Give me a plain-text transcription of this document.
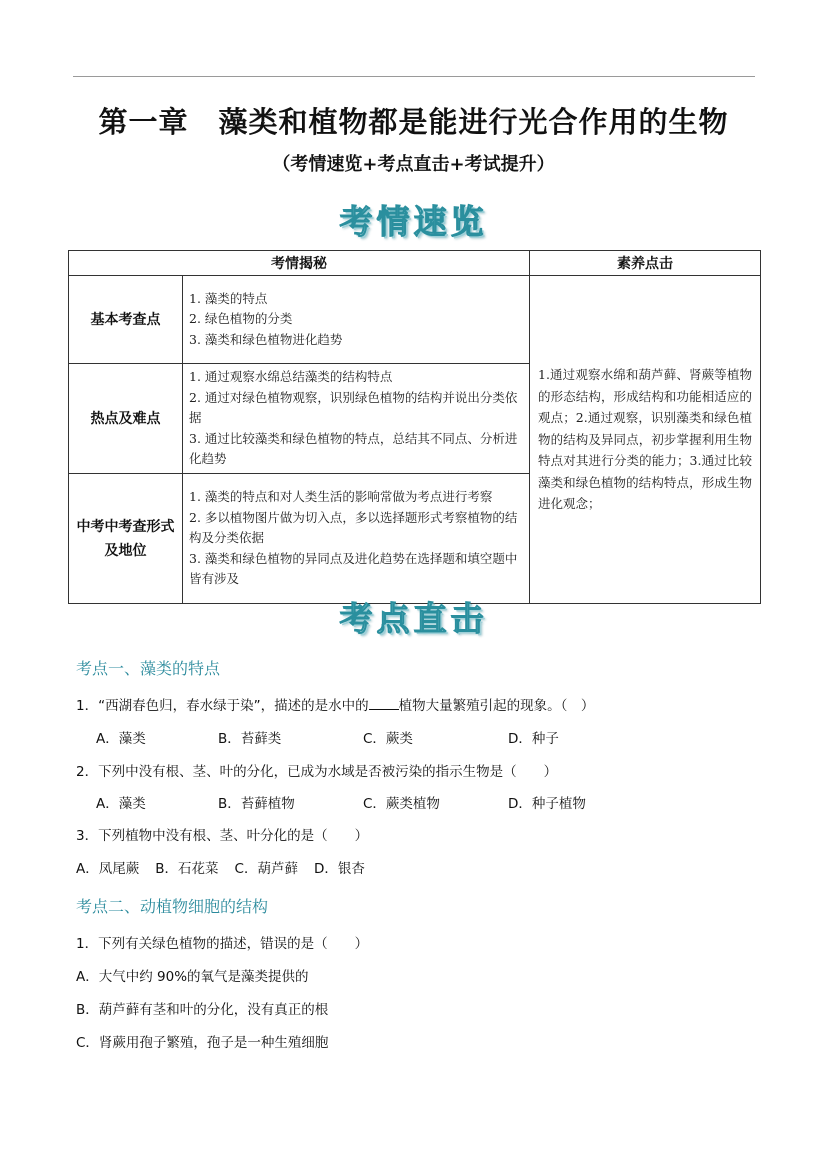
第一章　藻类和植物都是能进行光合作用的生物
（考情速览+考点直击+考试提升）
考情速览
考情揭秘		素养点击
基本考查点	1. 藻类的特点
2. 绿色植物的分类
3. 藻类和绿色植物进化趋势	1.通过观察水绵和葫芦藓、肾蕨等植物的形态结构，形成结构和功能相适应的观点；2.通过观察，识别藻类和绿色植物的结构及异同点，初步掌握利用生物特点对其进行分类的能力；3.通过比较藻类和绿色植物的结构特点，形成生物进化观念；
热点及难点	1. 通过观察水绵总结藻类的结构特点
2. 通过对绿色植物观察，识别绿色植物的结构并说出分类依据
3. 通过比较藻类和绿色植物的特点，总结其不同点、分析进化趋势	

中考中考查形式及地位	1. 藻类的特点和对人类生活的影响常做为考点进行考察
2. 多以植物图片做为切入点，多以选择题形式考察植物的结构及分类依据
3. 藻类和绿色植物的异同点及进化趋势在选择题和填空题中皆有涉及	
考点直击
考点一、藻类的特点
1．“西湖春色归，春水绿于染”，描述的是水中的 植物大量繁殖引起的现象。（　）
A．藻类	B．苔藓类	C．蕨类	D．种子
2．下列中没有根、茎、叶的分化，已成为水域是否被污染的指示生物是（　　）
A．藻类	B．苔藓植物	C．蕨类植物	D．种子植物
3．下列植物中没有根、茎、叶分化的是（　　）
A．凤尾蕨 B．石花菜 C．葫芦藓 D．银杏
考点二、动植物细胞的结构
1．下列有关绿色植物的描述，错误的是（　　）
A．大气中约 90%的氧气是藻类提供的
B．葫芦藓有茎和叶的分化，没有真正的根
C．肾蕨用孢子繁殖，孢子是一种生殖细胞
